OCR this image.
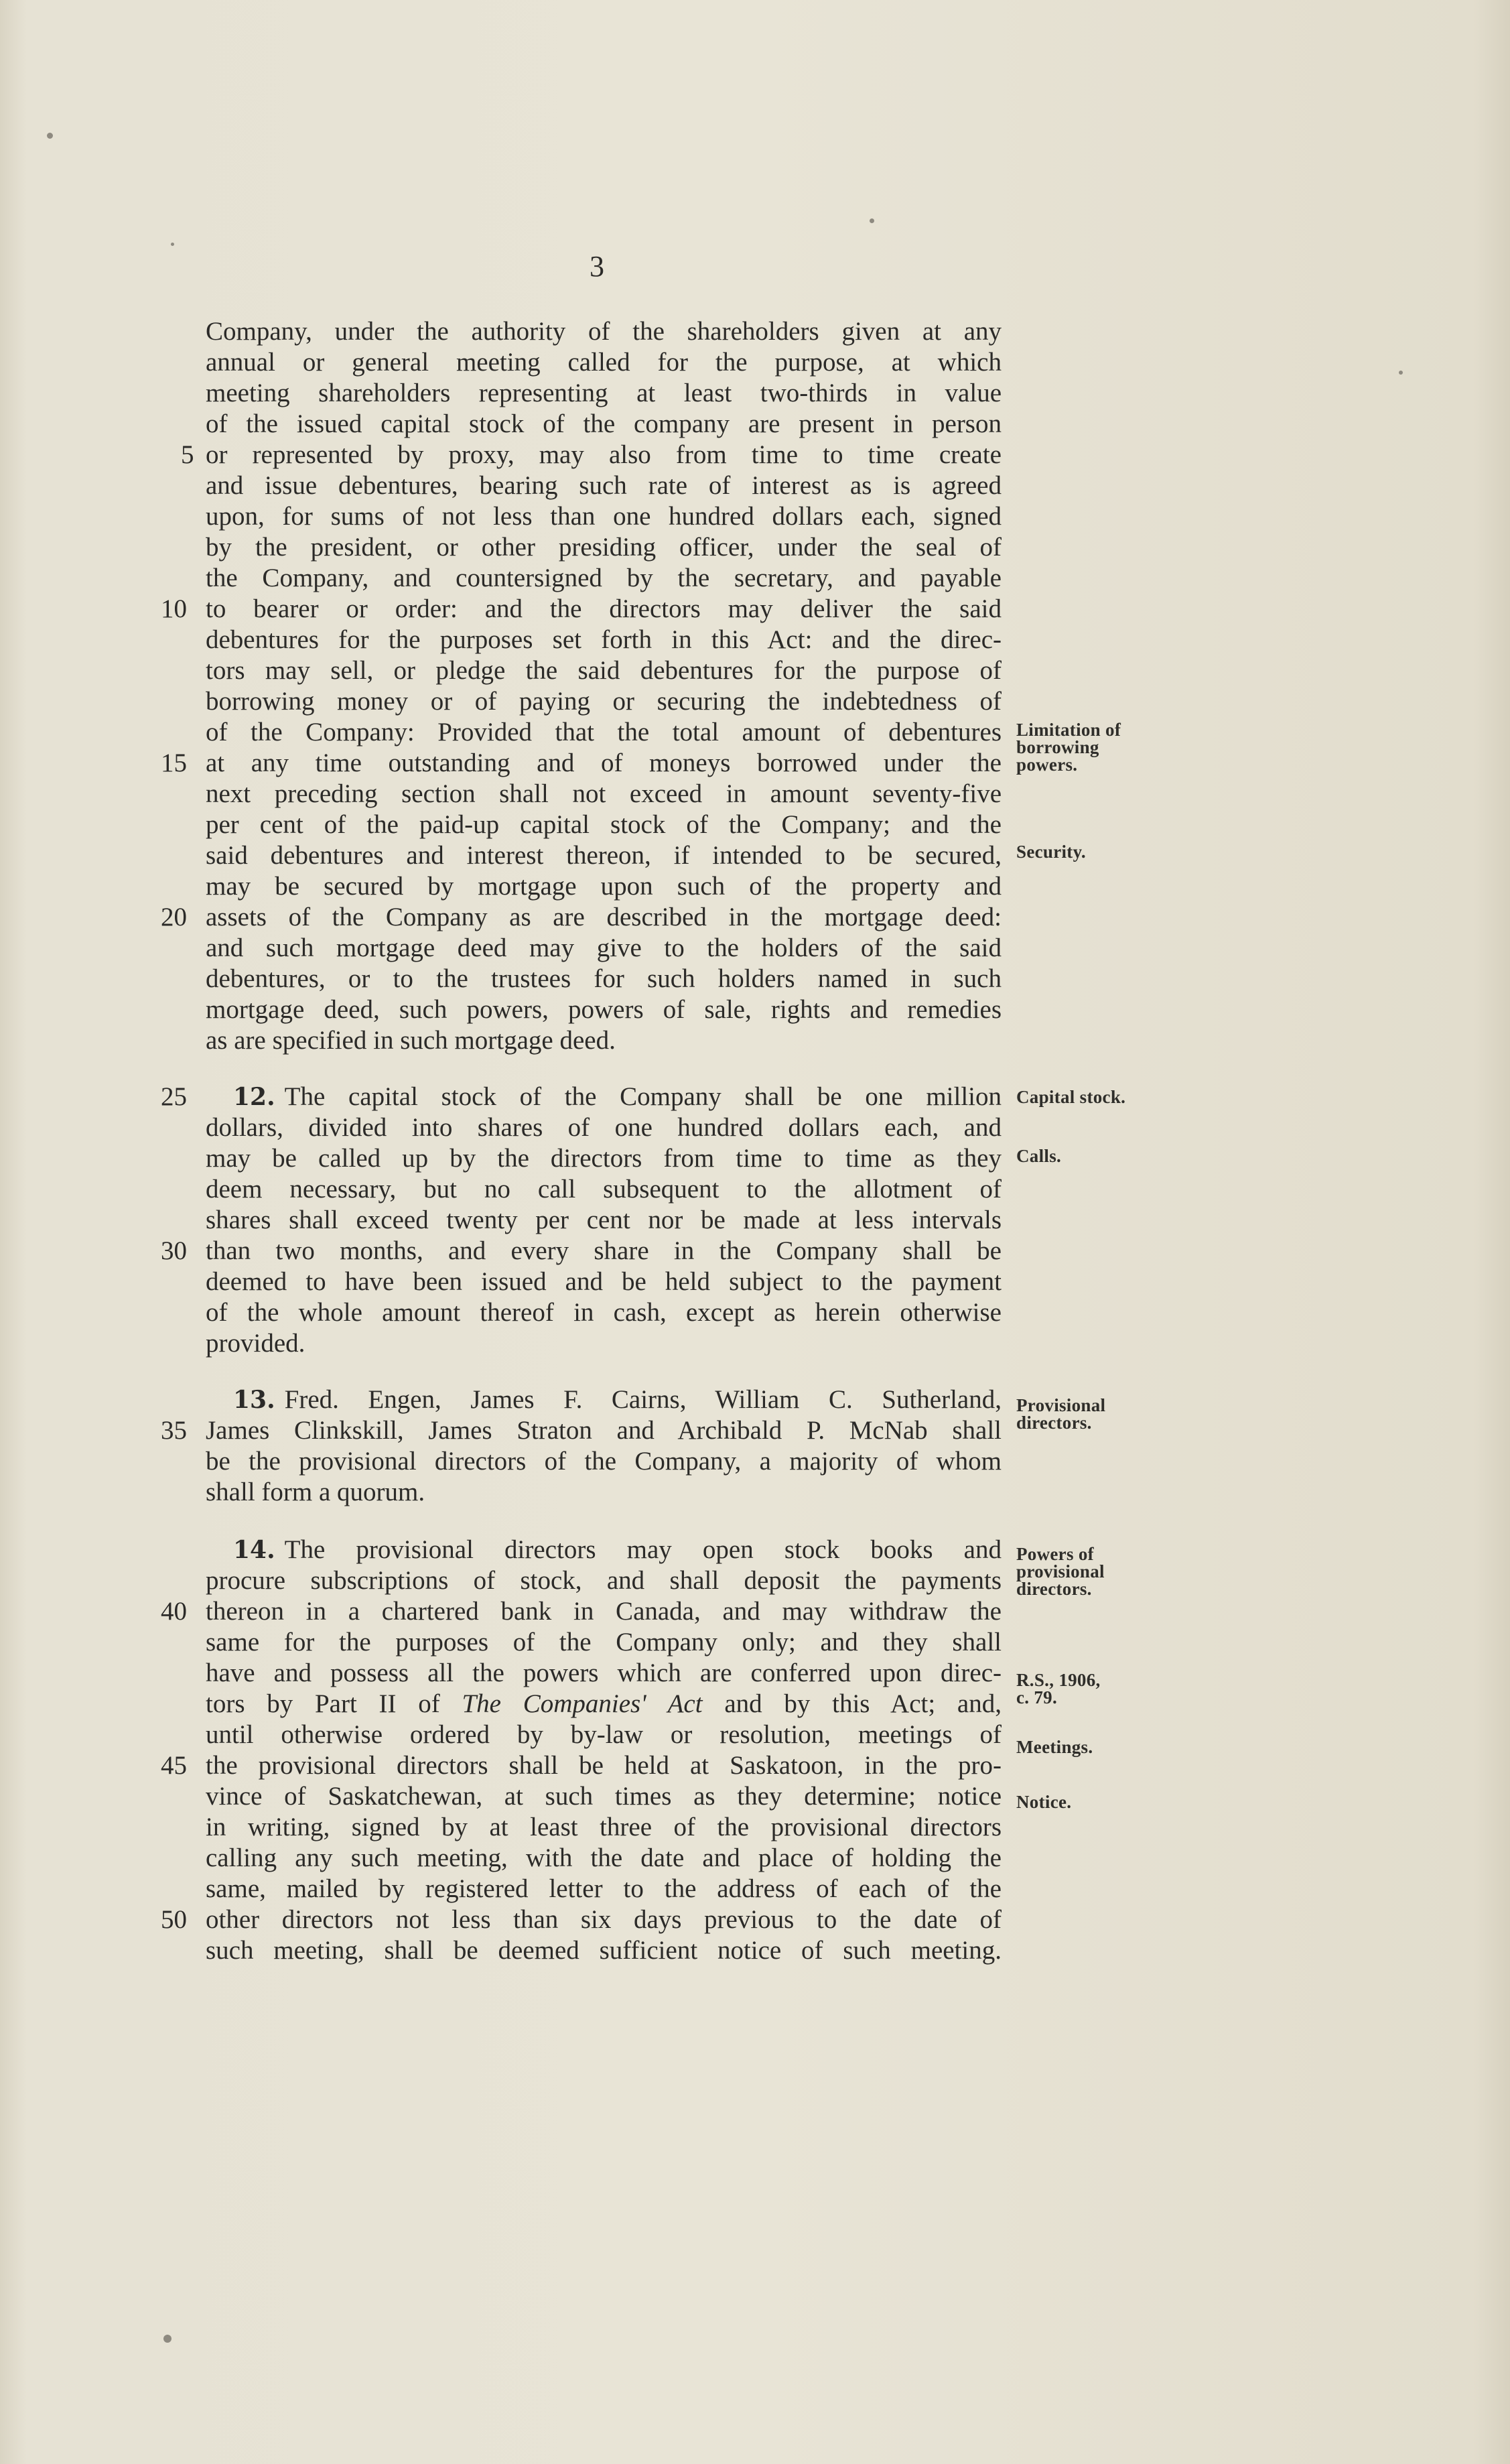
3
Company, under the authority of the shareholders given at any
annual or general meeting called for the purpose, at which
meeting shareholders representing at least two-thirds in value
of the issued capital stock of the company are present in person
5 or represented by proxy, may also from time to time create
and issue debentures, bearing such rate of interest as is agreed
upon, for sums of not less than one hundred dollars each, signed
by the president, or other presiding officer, under the seal of
the Company, and countersigned by the secretary, and payable
10 to bearer or order: and the directors may deliver the said
debentures for the purposes set forth in this Act: and the direc-
tors may sell, or pledge the said debentures for the purpose of
borrowing money or of paying or securing the indebtedness of
of the Company: Provided that the total amount of debentures
15 at any time outstanding and of moneys borrowed under the
next preceding section shall not exceed in amount seventy-five
per cent of the paid-up capital stock of the Company; and the
said debentures and interest thereon, if intended to be secured,
may be secured by mortgage upon such of the property and
20 assets of the Company as are described in the mortgage deed:
and such mortgage deed may give to the holders of the said
debentures, or to the trustees for such holders named in such
mortgage deed, such powers, powers of sale, rights and remedies
as are specified in such mortgage deed.
25	12. The capital stock of the Company shall be one million
dollars, divided into shares of one hundred dollars each, and
may be called up by the directors from time to time as they
deem necessary, but no call subsequent to the allotment of
shares shall exceed twenty per cent nor be made at less intervals
30 than two months, and every share in the Company shall be
deemed to have been issued and be held subject to the payment
of the whole amount thereof in cash, except as herein otherwise
provided.
13. Fred. Engen, James F. Cairns, William C. Sutherland,
35 James Clinkskill, James Straton and Archibald P. McNab shall
be the provisional directors of the Company, a majority of whom
shall form a quorum.
14. The provisional directors may open stock books and
procure subscriptions of stock, and shall deposit the payments
40 thereon in a chartered bank in Canada, and may withdraw the
same for the purposes of the Company only; and they shall
have and possess all the powers which are conferred upon direc-
tors by Part II of The Companies' Act and by this Act; and,
until otherwise ordered by by-law or resolution, meetings of
45 the provisional directors shall be held at Saskatoon, in the pro-
vince of Saskatchewan, at such times as they determine; notice
in writing, signed by at least three of the provisional directors
calling any such meeting, with the date and place of holding the
same, mailed by registered letter to the address of each of the
50 other directors not less than six days previous to the date of
such meeting, shall be deemed sufficient notice of such meeting.
Limitation of
borrowing
powers.
Security.
Capital stock.
Calls.
Provisional
directors.
Powers of
provisional
directors.
R.S., 1906,
c. 79.
Meetings.
Notice.
